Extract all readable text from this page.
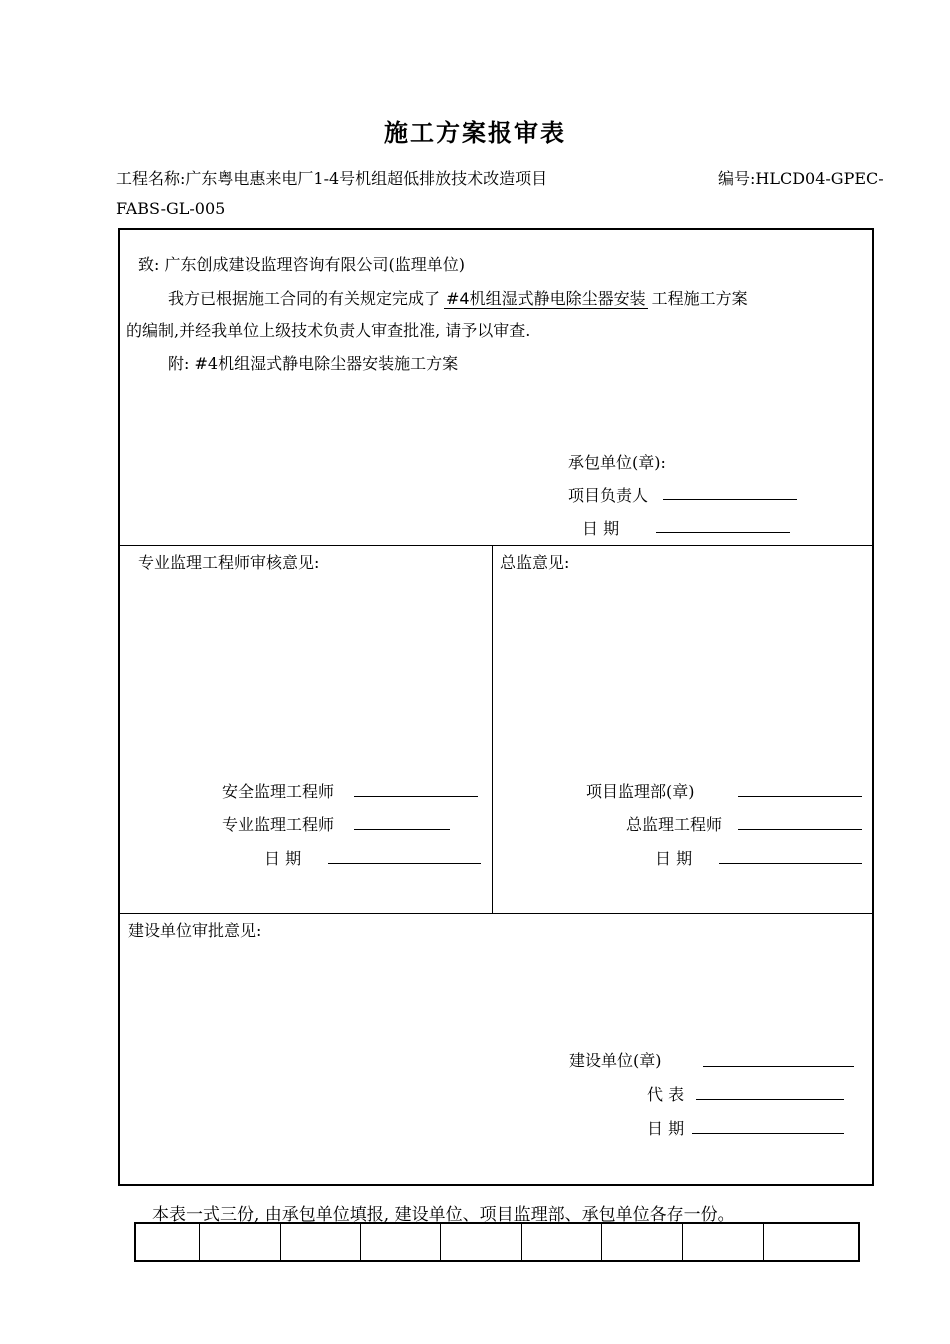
施工方案报审表
工程名称:广东粤电惠来电厂1-4号机组超低排放技术改造项目	编号:HLCD04-GPEC-
FABS-GL-005
致: 广东创成建设监理咨询有限公司(监理单位)
我方已根据施工合同的有关规定完成了 #4机组湿式静电除尘器安装 工程施工方案
的编制,并经我单位上级技术负责人审查批准, 请予以审查.
附: #4机组湿式静电除尘器安装施工方案
承包单位(章):
项目负责人
日 期
专业监理工程师审核意见:
安全监理工程师
专业监理工程师
日 期
总监意见:
项目监理部(章)
总监理工程师
日 期
建设单位审批意见:
建设单位(章)
代 表
日 期
本表一式三份, 由承包单位填报, 建设单位、项目监理部、承包单位各存一份。
